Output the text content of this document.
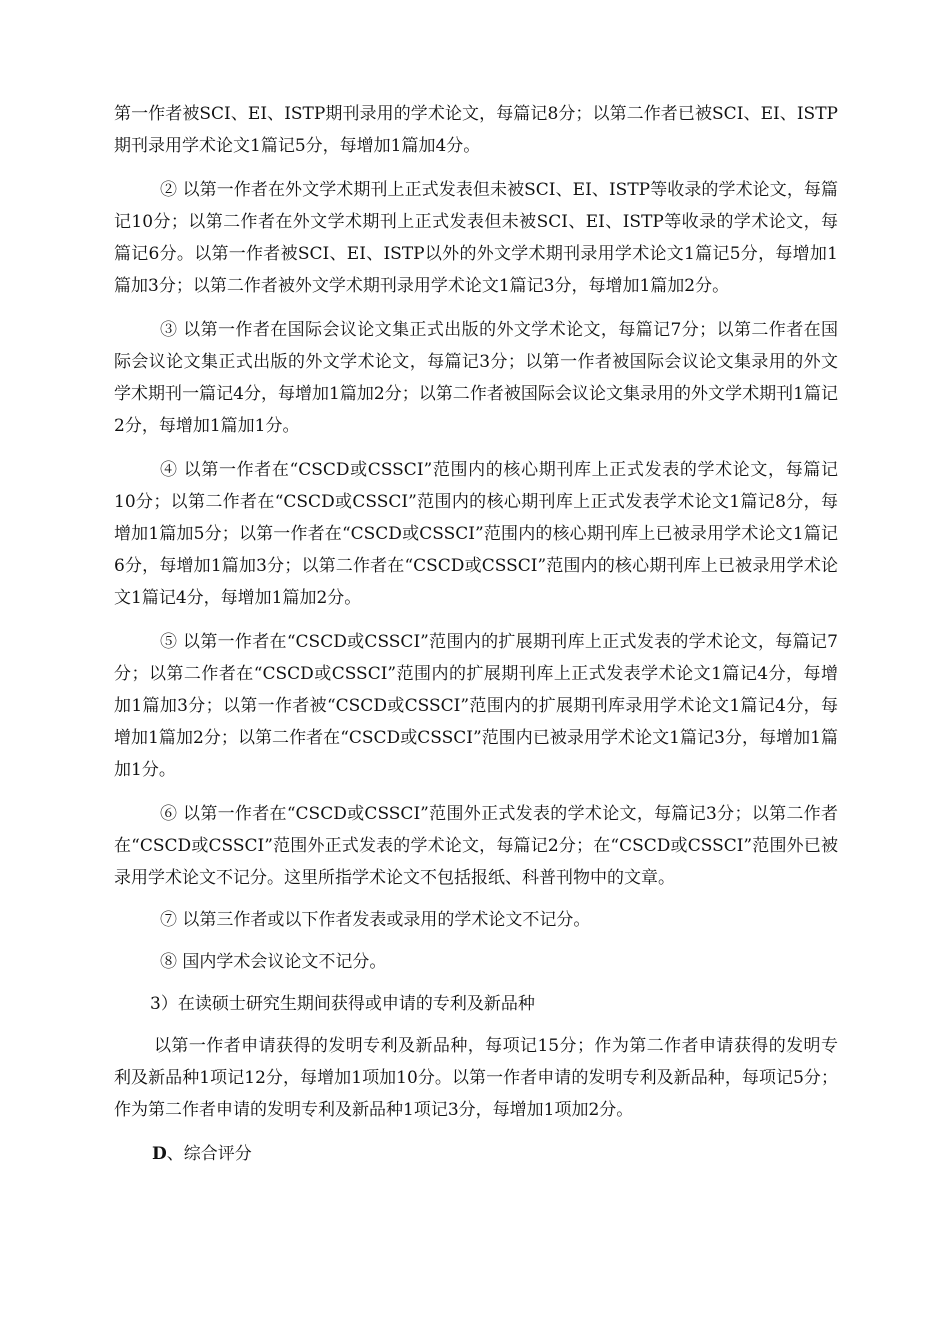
第一作者被SCI、EI、ISTP期刊录用的学术论文，每篇记8分；以第二作者已被SCI、EI、ISTP期刊录用学术论文1篇记5分，每增加1篇加4分。

② 以第一作者在外文学术期刊上正式发表但未被SCI、EI、ISTP等收录的学术论文，每篇记10分；以第二作者在外文学术期刊上正式发表但未被SCI、EI、ISTP等收录的学术论文，每篇记6分。以第一作者被SCI、EI、ISTP以外的外文学术期刊录用学术论文1篇记5分，每增加1篇加3分；以第二作者被外文学术期刊录用学术论文1篇记3分，每增加1篇加2分。

③ 以第一作者在国际会议论文集正式出版的外文学术论文，每篇记7分；以第二作者在国际会议论文集正式出版的外文学术论文，每篇记3分；以第一作者被国际会议论文集录用的外文学术期刊一篇记4分，每增加1篇加2分；以第二作者被国际会议论文集录用的外文学术期刊1篇记2分，每增加1篇加1分。

④ 以第一作者在“CSCD或CSSCI”范围内的核心期刊库上正式发表的学术论文，每篇记10分；以第二作者在“CSCD或CSSCI”范围内的核心期刊库上正式发表学术论文1篇记8分，每增加1篇加5分；以第一作者在“CSCD或CSSCI”范围内的核心期刊库上已被录用学术论文1篇记6分，每增加1篇加3分；以第二作者在“CSCD或CSSCI”范围内的核心期刊库上已被录用学术论文1篇记4分，每增加1篇加2分。

⑤ 以第一作者在“CSCD或CSSCI”范围内的扩展期刊库上正式发表的学术论文，每篇记7分；以第二作者在“CSCD或CSSCI”范围内的扩展期刊库上正式发表学术论文1篇记4分，每增加1篇加3分；以第一作者被“CSCD或CSSCI”范围内的扩展期刊库录用学术论文1篇记4分，每增加1篇加2分；以第二作者在“CSCD或CSSCI”范围内已被录用学术论文1篇记3分，每增加1篇加1分。

⑥ 以第一作者在“CSCD或CSSCI”范围外正式发表的学术论文，每篇记3分；以第二作者在“CSCD或CSSCI”范围外正式发表的学术论文，每篇记2分；在“CSCD或CSSCI”范围外已被录用学术论文不记分。这里所指学术论文不包括报纸、科普刊物中的文章。

⑦ 以第三作者或以下作者发表或录用的学术论文不记分。

⑧ 国内学术会议论文不记分。

3）在读硕士研究生期间获得或申请的专利及新品种

以第一作者申请获得的发明专利及新品种，每项记15分；作为第二作者申请获得的发明专利及新品种1项记12分，每增加1项加10分。以第一作者申请的发明专利及新品种，每项记5分；作为第二作者申请的发明专利及新品种1项记3分，每增加1项加2分。

D、综合评分
